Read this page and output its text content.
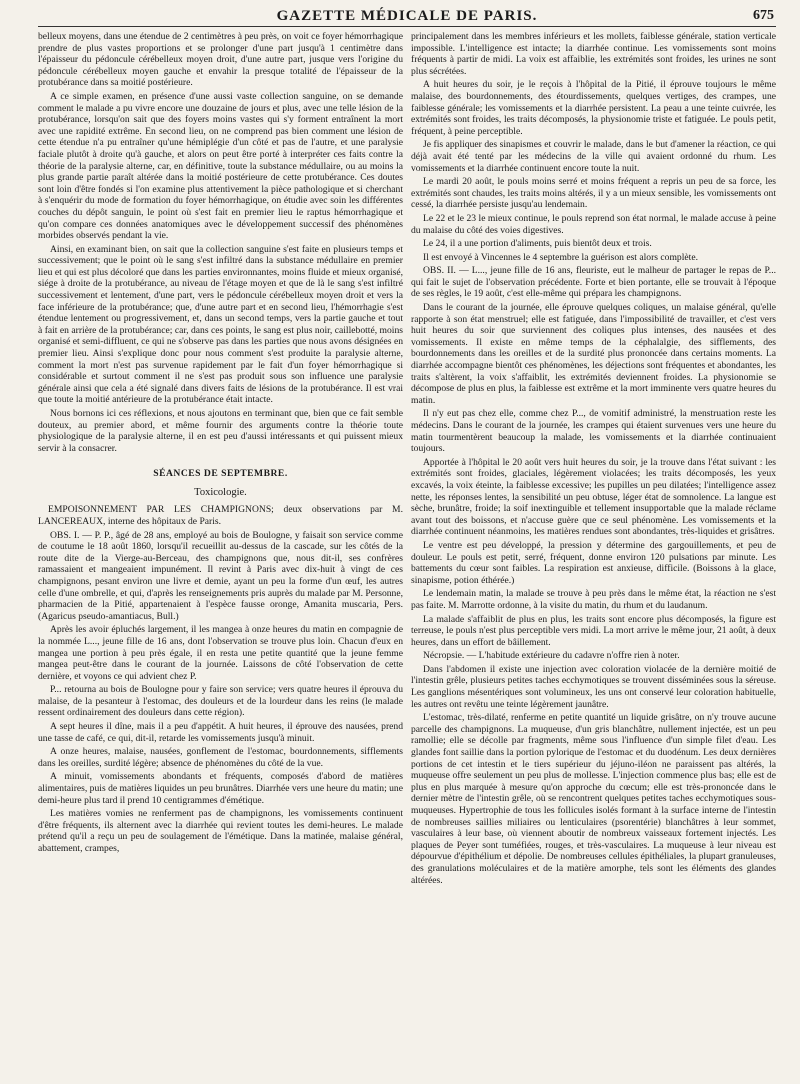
GAZETTE MÉDICALE DE PARIS.	675

belleux moyens, dans une étendue de 2 centimètres à peu près, on voit ce foyer hémorrhagique prendre de plus vastes proportions et se prolonger d'une part jusqu'à 1 centimètre dans l'épaisseur du pédoncule cérébelleux moyen droit, d'une autre part, jusque vers l'origine du pédoncule cérébelleux moyen gauche et envahir la presque totalité de l'épaisseur de la protubérance dans sa moitié postérieure.

A ce simple examen, en présence d'une aussi vaste collection sanguine, on se demande comment le malade a pu vivre encore une douzaine de jours et plus, avec une telle lésion de la protubérance, lorsqu'on sait que des foyers moins vastes qui s'y forment entraînent la mort avec une rapidité extrême. En second lieu, on ne comprend pas bien comment une lésion de cette étendue n'a pu entraîner qu'une hémiplégie d'un côté et pas de l'autre, et une paralysie faciale plutôt à droite qu'à gauche, et alors on peut être porté à interpréter ces faits contre la théorie de la paralysie alterne, car, en définitive, toute la substance médullaire, ou au moins la plus grande partie paraît altérée dans la moitié postérieure de cette protubérance. Ces doutes sont loin d'être fondés si l'on examine plus attentivement la pièce pathologique et si cherchant à s'enquérir du mode de formation du foyer hémorrhagique, on étudie avec soin les différentes couches du dépôt sanguin, le point où s'est fait en premier lieu le raptus hémorrhagique et qu'on compare ces données anatomiques avec le développement successif des phénomènes morbides observés pendant la vie.

Ainsi, en examinant bien, on sait que la collection sanguine s'est faite en plusieurs temps et successivement; que le point où le sang s'est infiltré dans la substance médullaire en premier lieu et qui est plus décoloré que dans les parties environnantes, moins fluide et mieux organisé, siége à droite de la protubérance, au niveau de l'étage moyen et que de là le sang s'est infiltré successivement et lentement, d'une part, vers le pédoncule cérébelleux moyen droit et vers la face inférieure de la protubérance; que, d'une autre part et en second lieu, l'hémorrhagie s'est étendue lentement ou progressivement, et, dans un second temps, vers la partie gauche et tout à fait en arrière de la protubérance; car, dans ces points, le sang est plus noir, caillebotté, moins organisé et semi-diffluent, ce qui ne s'observe pas dans les parties que nous avons désignées en premier lieu. Ainsi s'explique donc pour nous comment s'est produite la paralysie alterne, comment la mort n'est pas survenue rapidement par le fait d'un foyer hémorrhagique si considérable et surtout comment il ne s'est pas produit sous son influence une paralysie générale ainsi que cela a été signalé dans divers faits de lésions de la protubérance. Il est vrai que toute la moitié antérieure de la protubérance était intacte.

Nous bornons ici ces réflexions, et nous ajoutons en terminant que, bien que ce fait semble douteux, au premier abord, et même fournir des arguments contre la théorie toute physiologique de la paralysie alterne, il en est peu d'aussi intéressants et qui puissent mieux servir à la consacrer.

SÉANCES DE SEPTEMBRE.
Toxicologie.

EMPOISONNEMENT PAR LES CHAMPIGNONS; deux observations par M. LANCEREAUX, interne des hôpitaux de Paris.

OBS. I. — P. P., âgé de 28 ans, employé au bois de Boulogne, y faisait son service comme de coutume le 18 août 1860, lorsqu'il recueillit au-dessus de la cascade, sur les côtés de la route dite de la Vierge-au-Berceau, des champignons que, nous dit-il, ses confrères ramassaient et mangeaient impunément. Il revint à Paris avec dix-huit à vingt de ces champignons, pesant environ une livre et demie, ayant un peu la forme d'un œuf, les autres celle d'une ombrelle, et qui, d'après les renseignements pris auprès du malade par M. Personne, pharmacien de la Pitié, appartenaient à l'espèce fausse oronge, Amanita muscaria, Pers. (Agaricus pseudo-amantiacus, Bull.)

Après les avoir épluchés largement, il les mangea à onze heures du matin en compagnie de la nommée L..., jeune fille de 16 ans, dont l'observation se trouve plus loin. Chacun d'eux en mangea une portion à peu près égale, il en resta une petite quantité que la jeune femme mangea peut-être dans le courant de la journée. Laissons de côté l'observation de cette dernière, et voyons ce qui advient chez P.

P... retourna au bois de Boulogne pour y faire son service; vers quatre heures il éprouva du malaise, de la pesanteur à l'estomac, des douleurs et de la lourdeur dans les reins (le malade ressent ordinairement des douleurs dans cette région).

A sept heures il dîne, mais il a peu d'appétit. A huit heures, il éprouve des nausées, prend une tasse de café, ce qui, dit-il, retarde les vomissements jusqu'à minuit.

A onze heures, malaise, nausées, gonflement de l'estomac, bourdonnements, sifflements dans les oreilles, surdité légère; absence de phénomènes du côté de la vue.

A minuit, vomissements abondants et fréquents, composés d'abord de matières alimentaires, puis de matières liquides un peu brunâtres. Diarrhée vers une heure du matin; une demi-heure plus tard il prend 10 centigrammes d'émétique.

Les matières vomies ne renferment pas de champignons, les vomissements continuent d'être fréquents, ils alternent avec la diarrhée qui revient toutes les demi-heures. Le malade prétend qu'il a reçu un peu de soulagement de l'émétique. Dans la matinée, malaise général, abattement, crampes,

principalement dans les membres inférieurs et les mollets, faiblesse générale, station verticale impossible. L'intelligence est intacte; la diarrhée continue. Les vomissements sont moins fréquents à partir de midi. La voix est affaiblie, les extrémités sont froides, les urines ne sont plus sécrétées.

A huit heures du soir, je le reçois à l'hôpital de la Pitié, il éprouve toujours le même malaise, des bourdonnements, des étourdissements, quelques vertiges, des crampes, une faiblesse générale; les vomissements et la diarrhée persistent. La peau a une teinte cuivrée, les extrémités sont froides, les traits décomposés, la physionomie triste et fatiguée. Le pouls petit, fréquent, à peine perceptible.

Je fis appliquer des sinapismes et couvrir le malade, dans le but d'amener la réaction, ce qui déjà avait été tenté par les médecins de la ville qui avaient ordonné du rhum. Les vomissements et la diarrhée continuent encore toute la nuit.

Le mardi 20 août, le pouls moins serré et moins fréquent a repris un peu de sa force, les extrémités sont chaudes, les traits moins altérés, il y a un mieux sensible, les vomissements ont cessé, la diarrhée persiste jusqu'au lendemain.

Le 22 et le 23 le mieux continue, le pouls reprend son état normal, le malade accuse à peine du malaise du côté des voies digestives.

Le 24, il a une portion d'aliments, puis bientôt deux et trois.

Il est envoyé à Vincennes le 4 septembre la guérison est alors complète.

OBS. II. — L..., jeune fille de 16 ans, fleuriste, eut le malheur de partager le repas de P... qui fait le sujet de l'observation précédente. Forte et bien portante, elle se trouvait à l'époque de ses règles, le 19 août, c'est elle-même qui prépara les champignons.

Dans le courant de la journée, elle éprouve quelques coliques, un malaise général, qu'elle rapporte à son état menstruel; elle est fatiguée, dans l'impossibilité de travailler, et c'est vers huit heures du soir que surviennent des coliques plus intenses, des nausées et des vomissements. Il existe en même temps de la céphalalgie, des sifflements, des bourdonnements dans les oreilles et de la surdité plus prononcée dans certains moments. La diarrhée accompagne bientôt ces phénomènes, les déjections sont fréquentes et abondantes, les traits s'altèrent, la voix s'affaiblit, les extrémités deviennent froides. La physionomie se décompose de plus en plus, la faiblesse est extrême et la mort imminente vers quatre heures du matin.

Il n'y eut pas chez elle, comme chez P..., de vomitif administré, la menstruation reste les médecins. Dans le courant de la journée, les crampes qui étaient survenues vers une heure du matin tourmentèrent beaucoup la malade, les vomissements et la diarrhée continuaient toujours.

Apportée à l'hôpital le 20 août vers huit heures du soir, je la trouve dans l'état suivant : les extrémités sont froides, glaciales, légèrement violacées; les traits décomposés, les yeux excavés, la voix éteinte, la faiblesse excessive; les pupilles un peu dilatées; l'intelligence assez nette, les réponses lentes, la sensibilité un peu obtuse, léger état de somnolence. La langue est sèche, brunâtre, froide; la soif inextinguible et tellement insupportable que la malade réclame avant tout des boissons, et n'accuse guère que ce seul phénomène. Les vomissements et la diarrhée continuent néanmoins, les matières rendues sont abondantes, très-liquides et grisâtres.

Le ventre est peu développé, la pression y détermine des gargouillements, et peu de douleur. Le pouls est petit, serré, fréquent, donne environ 120 pulsations par minute. Les battements du cœur sont faibles. La respiration est anxieuse, difficile. (Boissons à la glace, sinapisme, potion éthérée.)

Le lendemain matin, la malade se trouve à peu près dans le même état, la réaction ne s'est pas faite. M. Marrotte ordonne, à la visite du matin, du rhum et du laudanum.

La malade s'affaiblit de plus en plus, les traits sont encore plus décomposés, la figure est terreuse, le pouls n'est plus perceptible vers midi. La mort arrive le même jour, 21 août, à deux heures, dans un effort de bâillement.

Nécropsie. — L'habitude extérieure du cadavre n'offre rien à noter.

Dans l'abdomen il existe une injection avec coloration violacée de la dernière moitié de l'intestin grêle, plusieurs petites taches ecchymotiques se trouvent disséminées sous la séreuse. Les ganglions mésentériques sont volumineux, les uns ont conservé leur coloration habituelle, les autres ont revêtu une teinte légèrement jaunâtre.

L'estomac, très-dilaté, renferme en petite quantité un liquide grisâtre, on n'y trouve aucune parcelle des champignons. La muqueuse, d'un gris blanchâtre, nullement injectée, est un peu ramollie; elle se décolle par fragments, même sous l'influence d'un simple filet d'eau. Les glandes font saillie dans la portion pylorique de l'estomac et du duodénum. Les deux dernières portions de cet intestin et le tiers supérieur du jéjuno-iléon ne paraissent pas altérés, la muqueuse offre seulement un peu plus de mollesse. L'injection commence plus bas; elle est de plus en plus marquée à mesure qu'on approche du cœcum; elle est très-prononcée dans le dernier mètre de l'intestin grêle, où se rencontrent quelques petites taches ecchymotiques sous-muqueuses. Hypertrophie de tous les follicules isolés formant à la surface interne de l'intestin de nombreuses saillies miliaires ou lenticulaires (psorentérie) blanchâtres à leur sommet, vasculaires à leur base, où viennent aboutir de nombreux vaisseaux fortement injectés. Les plaques de Peyer sont tuméfiées, rouges, et très-vasculaires. La muqueuse à leur niveau est dépourvue d'épithélium et dépolie. De nombreuses cellules épithéliales, la plupart granuleuses, des granulations moléculaires et de la matière amorphe, tels sont les éléments des glandes altérées.
